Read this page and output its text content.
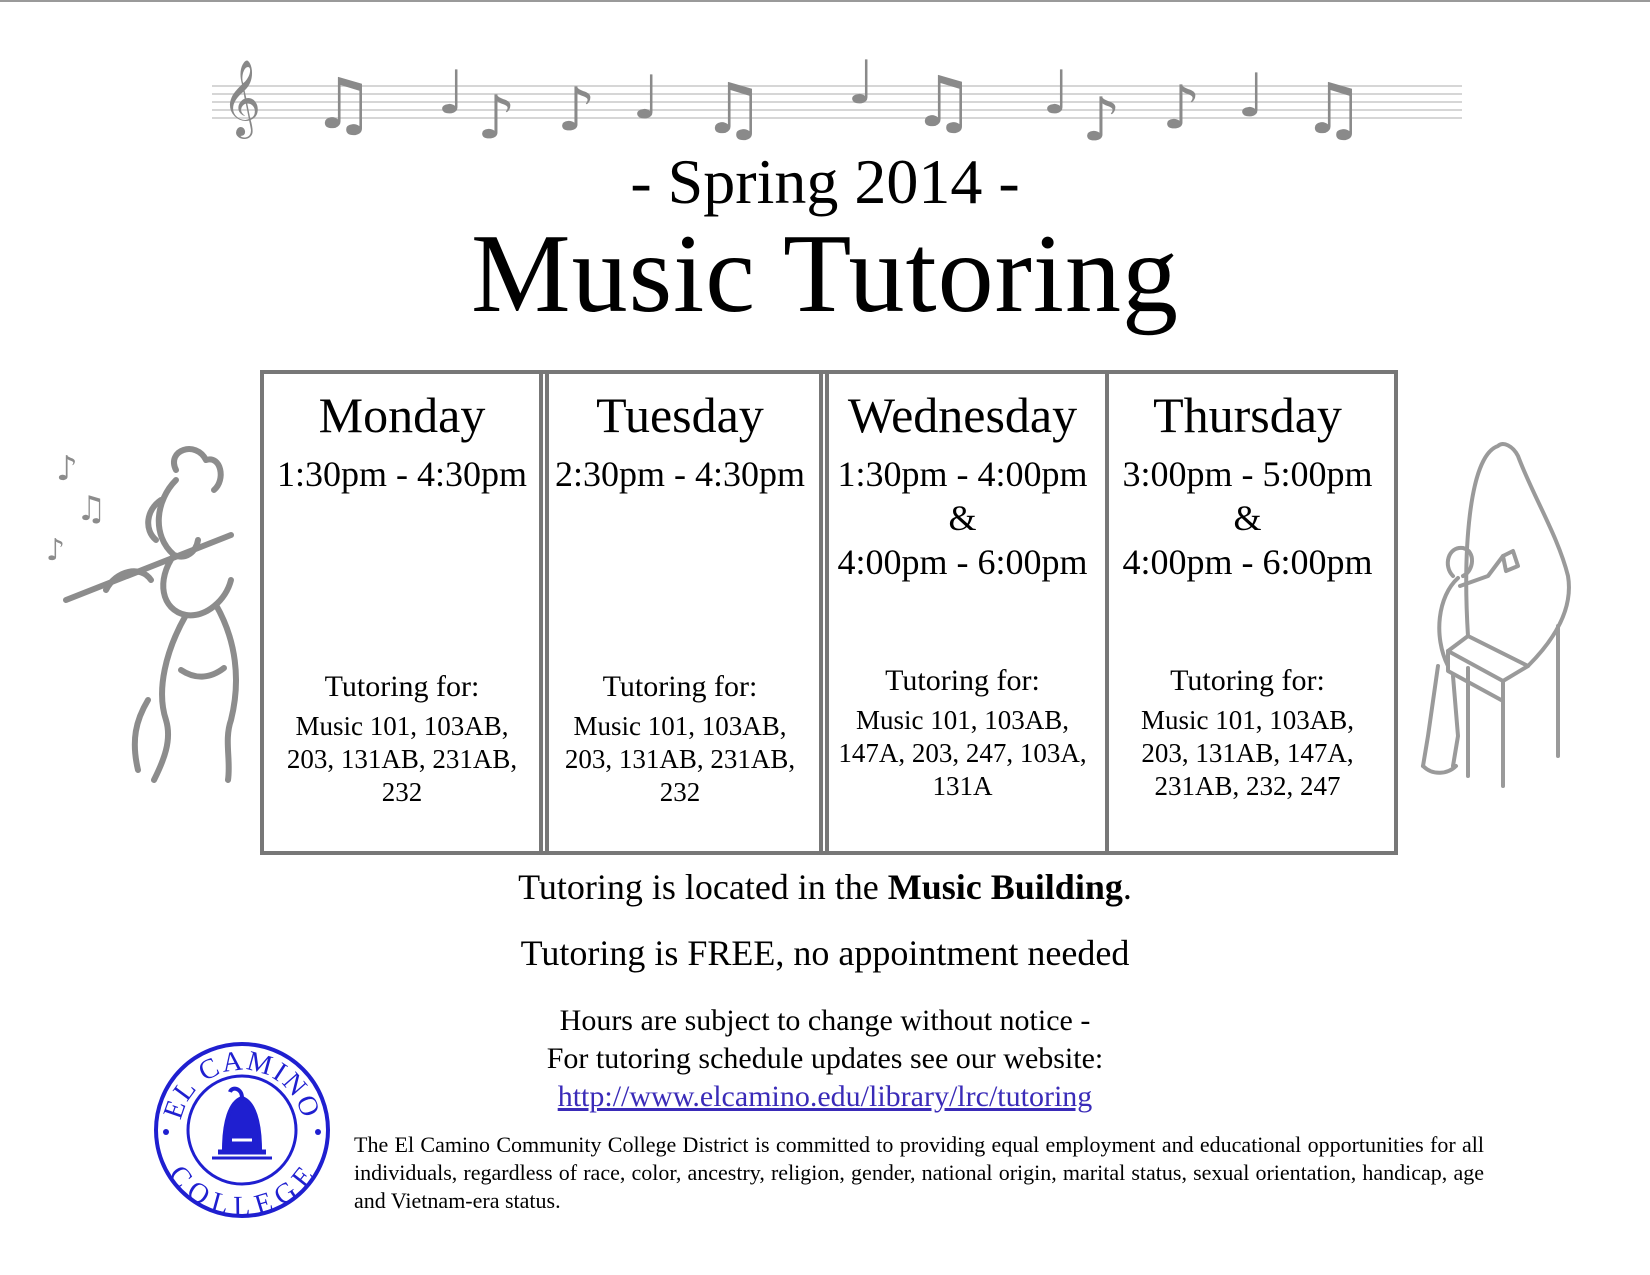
𝄞 ♫ ♩ ♪ ♪ ♩ ♫ ♩ ♫ ♩ ♪ ♪ ♩ ♫
- Spring 2014 -
Music Tutoring
♪
♫
♪
Monday
1:30pm - 4:30pm
Tutoring for:
Music 101, 103AB, 203, 131AB, 231AB, 232
Tuesday
2:30pm - 4:30pm
Tutoring for:
Music 101, 103AB, 203, 131AB, 231AB, 232
Wednesday
1:30pm - 4:00pm
&
4:00pm - 6:00pm
Tutoring for:
Music 101, 103AB, 147A, 203, 247, 103A, 131A
Thursday
3:00pm - 5:00pm
&
4:00pm - 6:00pm
Tutoring for:
Music 101, 103AB, 203, 131AB, 147A, 231AB, 232, 247
Tutoring is located in the Music Building.
Tutoring is FREE, no appointment needed
Hours are subject to change without notice -
For tutoring schedule updates see our website:
http://www.elcamino.edu/library/lrc/tutoring
EL CAMINO
COLLEGE
The El Camino Community College District is committed to providing equal employment and educational opportunities for all individuals, regardless of race, color, ancestry, religion, gender, national origin, marital status, sexual orientation, handicap, age and Vietnam-era status.
